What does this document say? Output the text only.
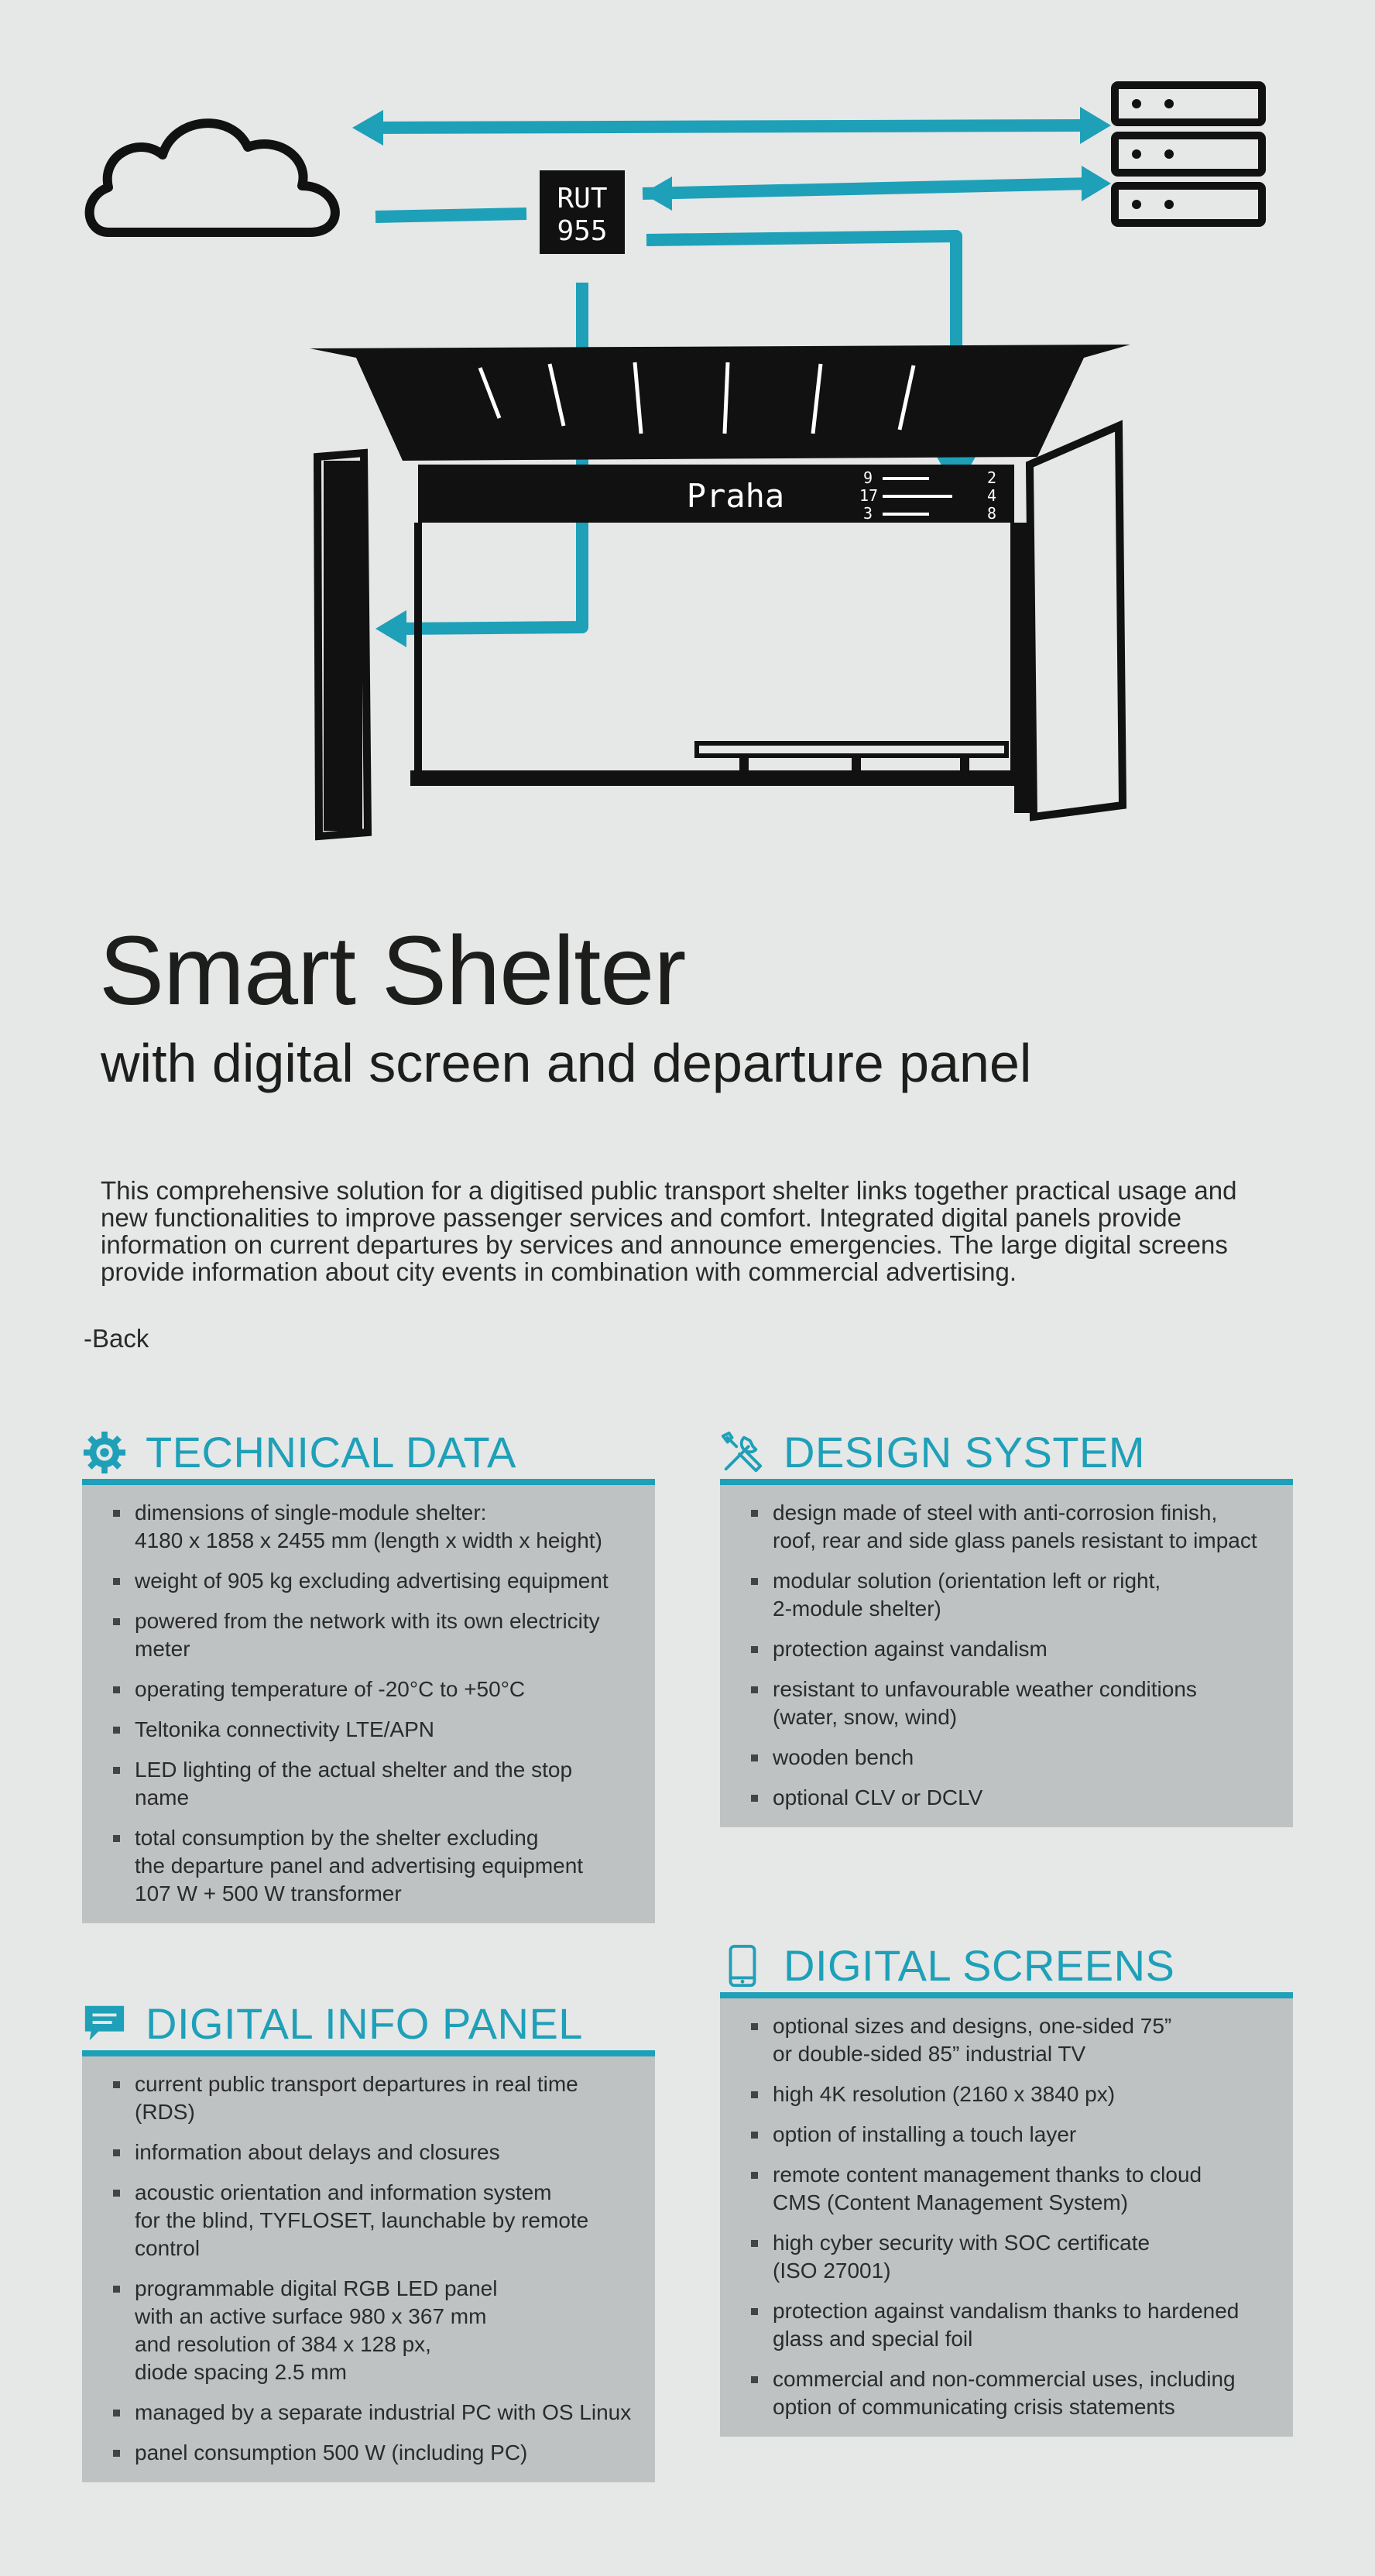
RUT
955
Praha	9	2
17	4
3	8
Smart Shelter
with digital screen and departure panel

This comprehensive solution for a digitised public transport shelter links together practical usage and new functionalities to improve passenger services and comfort. Integrated digital panels provide information on current departures by services and announce emergencies. The large digital screens provide information about city events in combination with commercial advertising.

-Back
TECHNICAL DATA
dimensions of single-module shelter:
4180 x 1858 x 2455 mm (length x width x height)
weight of 905 kg excluding advertising equipment
powered from the network with its own electricity
meter
operating temperature of -20°C to +50°C
Teltonika connectivity LTE/APN
LED lighting of the actual shelter and the stop
name
total consumption by the shelter excluding
the departure panel and advertising equipment
107 W + 500 W transformer
DESIGN SYSTEM
design made of steel with anti-corrosion finish,
roof, rear and side glass panels resistant to impact
modular solution (orientation left or right,
2-module shelter)
protection against vandalism
resistant to unfavourable weather conditions
(water, snow, wind)
wooden bench
optional CLV or DCLV
DIGITAL SCREENS
optional sizes and designs, one-sided 75”
or double-sided 85” industrial TV
high 4K resolution (2160 x 3840 px)
option of installing a touch layer
remote content management thanks to cloud
CMS (Content Management System)
high cyber security with SOC certificate
(ISO 27001)
protection against vandalism thanks to hardened
glass and special foil
commercial and non-commercial uses, including
option of communicating crisis statements
DIGITAL INFO PANEL
current public transport departures in real time
(RDS)
information about delays and closures
acoustic orientation and information system
for the blind, TYFLOSET, launchable by remote
control
programmable digital RGB LED panel
with an active surface 980 x 367 mm
and resolution of 384 x 128 px,
diode spacing 2.5 mm
managed by a separate industrial PC with OS Linux
panel consumption 500 W (including PC)
